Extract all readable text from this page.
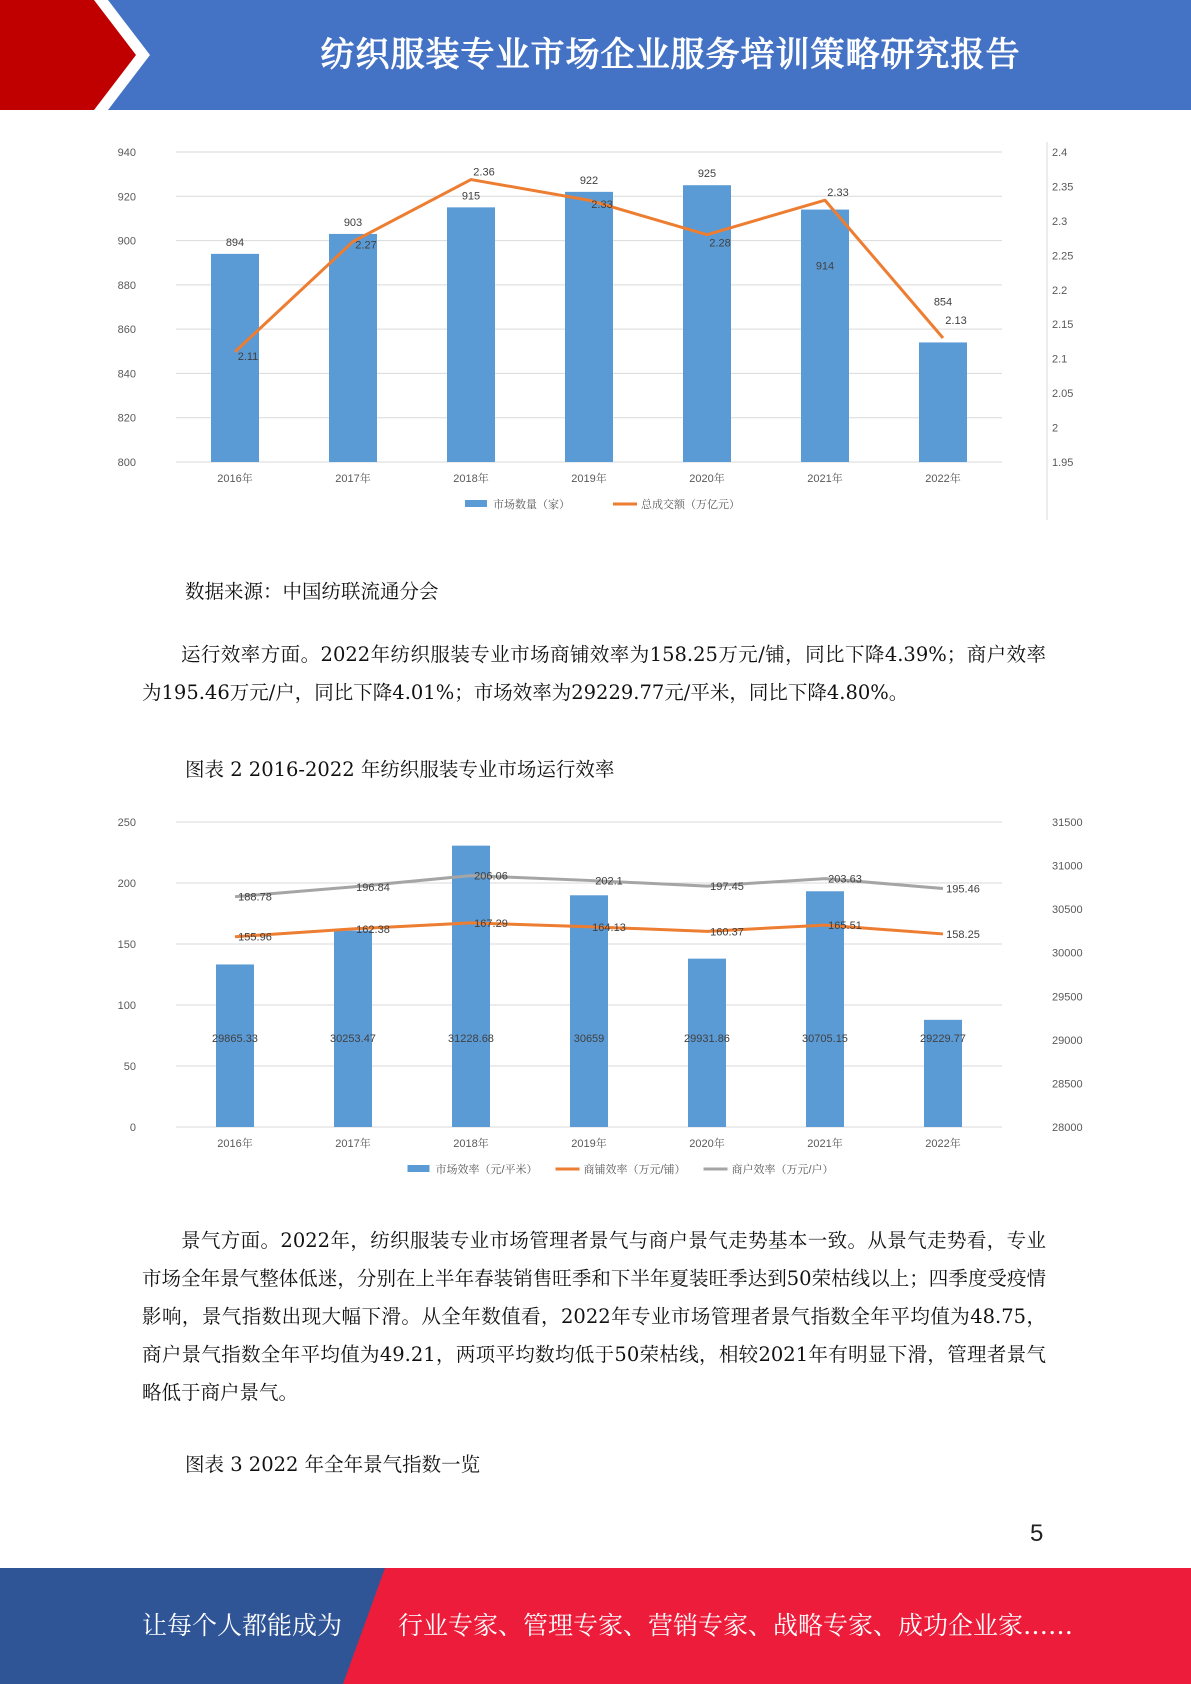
纺织服装专业市场企业服务培训策略研究报告
800
820
840
860
880
900
920
940
1.95
2
2.05
2.1
2.15
2.2
2.25
2.3
2.35
2.4
2016年	2017年	2018年	2019年	2020年	2021年	2022年
894
903
915
922
925
914
854
2.11
2.27
2.36
2.33
2.28
2.33
2.13
市场数量（家）	总成交额（万亿元）
数据来源：中国纺联流通分会

运行效率方面。2022年纺织服装专业市场商铺效率为158.25万元/铺，同比下降4.39%；商户效率为195.46万元/户，同比下降4.01%；市场效率为29229.77元/平米，同比下降4.80%。

图表 2 2016-2022 年纺织服装专业市场运行效率
0
50
100
150
200
250
28000
28500
29000
29500
30000
30500
31000
31500
2016年	2017年	2018年	2019年	2020年	2021年	2022年
29865.33	30253.47	31228.68	30659	29931.86	30705.15	29229.77
155.96
162.38	167.29	164.13	160.37
165.51
158.25
188.78
196.84
206.06	202.1	197.45
203.63
195.46
市场效率（元/平米）	商铺效率（万元/铺）	商户效率（万元/户）

景气方面。2022年，纺织服装专业市场管理者景气与商户景气走势基本一致。从景气走势看，专业市场全年景气整体低迷，分别在上半年春装销售旺季和下半年夏装旺季达到50荣枯线以上；四季度受疫情影响，景气指数出现大幅下滑。从全年数值看，2022年专业市场管理者景气指数全年平均值为48.75，商户景气指数全年平均值为49.21，两项平均数均低于50荣枯线，相较2021年有明显下滑，管理者景气略低于商户景气。

图表 3 2022 年全年景气指数一览
5
让每个人都能成为 行业专家、管理专家、营销专家、战略专家、成功企业家……
